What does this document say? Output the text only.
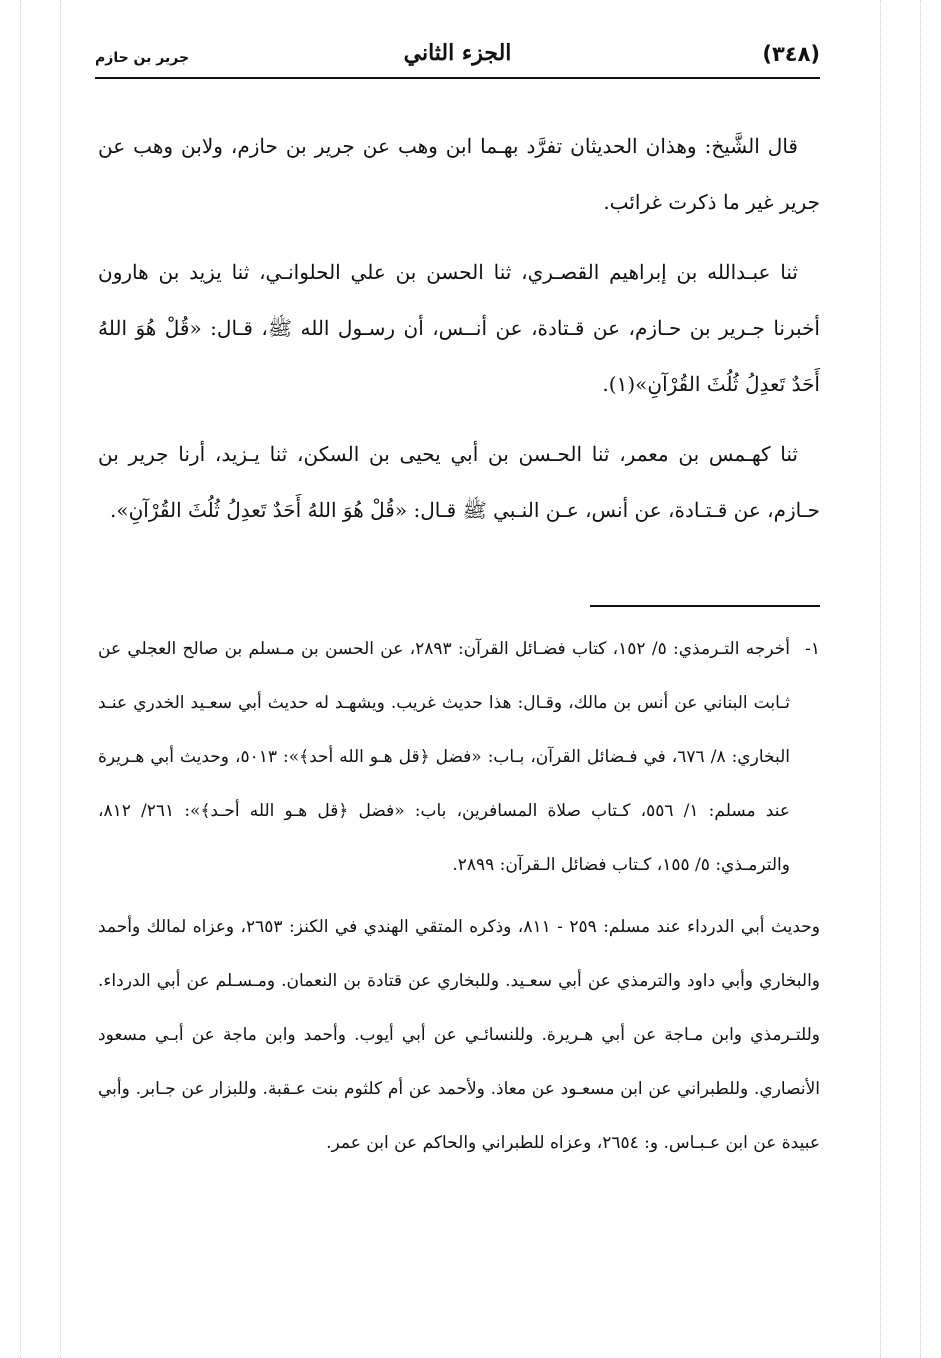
(٣٤٨)
الجزء الثاني
جرير بن حازم

قال الشَّيخ: وهذان الحديثان تفرَّد بهـما ابن وهب عن جرير بن حازم، ولابن وهب عن جرير غير ما ذكرت غرائب.

ثنا عبـدالله بن إبراهيم القصـري، ثنا الحسن بن علي الحلوانـي، ثنا يزيد بن هارون أخبرنا جـرير بن حـازم، عن قـتادة، عن أنــس، أن رسـول الله ﷺ، قـال: «قُلْ هُوَ اللهُ أَحَدٌ تَعدِلُ ثُلُثَ القُرْآنِ»(١).

ثنا كهـمس بن معمر، ثنا الحـسن بن أبي يحيى بن السكن، ثنا يـزيد، أرنا جرير بن حـازم، عن قـتـادة، عن أنس، عـن النـبي ﷺ قـال: «قُلْ هُوَ اللهُ أَحَدٌ تَعدِلُ ثُلُثَ القُرْآنِ».

١-

أخرجه التـرمذي: ٥/ ١٥٢، كتاب فضـائل القرآن: ٢٨٩٣، عن الحسن بن مـسلم بن صالح العجلي عن ثـابت البناني عن أنس بن مالك، وقـال: هذا حديث غريب. ويشهـد له حديث أبي سعـيد الخدري عنـد البخاري: ٨/ ٦٧٦، في فـضائل القرآن، بـاب: «فضل ﴿قل هـو الله أحد﴾»: ٥٠١٣، وحديث أبي هـريرة عند مسلم: ١/ ٥٥٦، كـتاب صلاة المسافرين، باب: «فضل ﴿قل هـو الله أحـد﴾»: ٢٦١/ ٨١٢، والترمـذي: ٥/ ١٥٥، كـتاب فضائل الـقرآن: ٢٨٩٩.

وحديث أبي الدرداء عند مسلم: ٢٥٩ - ٨١١، وذكره المتقي الهندي في الكنز: ٢٦٥٣، وعزاه لمالك وأحمد والبخاري وأبي داود والترمذي عن أبي سعـيد. وللبخاري عن قتادة بن النعمان. ومـسـلم عن أبي الدرداء. وللتـرمذي وابن مـاجة عن أبي هـريرة. وللنسائـي عن أبي أيوب. وأحمد وابن ماجة عن أبـي مسعود الأنصاري. وللطبراني عن ابن مسعـود عن معاذ. ولأحمد عن أم كلثوم بنت عـقبة. وللبزار عن جـابر. وأبي عبيدة عن ابن عـبـاس. و: ٢٦٥٤، وعزاه للطبراني والحاكم عن ابن عمر.
